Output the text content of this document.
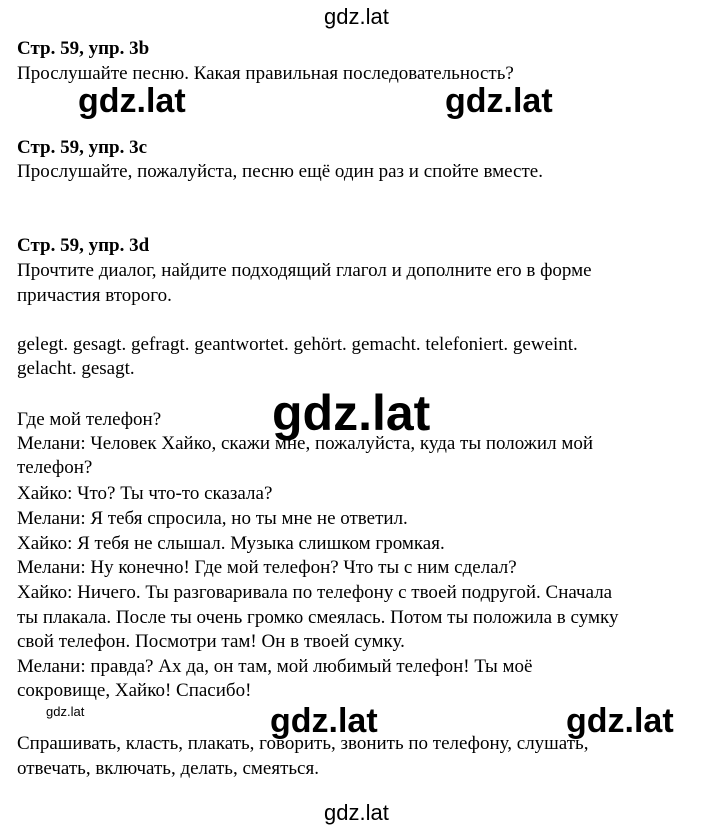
gdz.lat
Стр. 59, упр. 3b
Прослушайте песню. Какая правильная последовательность?
gdz.lat	gdz.lat
Стр. 59, упр. 3c
Прослушайте, пожалуйста, песню ещё один раз и спойте вместе.
Стр. 59, упр. 3d
Прочтите диалог, найдите подходящий глагол и дополните его в форме
причастия второго.
gelegt. gesagt. gefragt. geantwortet. gehört. gemacht. telefoniert. geweint.
gelacht. gesagt.
gdz.lat
Где мой телефон?
Мелани: Человек Хайко, скажи мне, пожалуйста, куда ты положил мой
телефон?
Хайко: Что? Ты что-то сказала?
Мелани: Я тебя спросила, но ты мне не ответил.
Хайко: Я тебя не слышал. Музыка слишком громкая.
Мелани: Ну конечно! Где мой телефон? Что ты с ним сделал?
Хайко: Ничего. Ты разговаривала по телефону с твоей подругой. Сначала
ты плакала. После ты очень громко смеялась. Потом ты положила в сумку
свой телефон. Посмотри там! Он в твоей сумку.
Мелани: правда? Ах да, он там, мой любимый телефон! Ты моё
сокровище, Хайко! Спасибо!
gdz.lat	gdz.lat	gdz.lat
Спрашивать, класть, плакать, говорить, звонить по телефону, слушать,
отвечать, включать, делать, смеяться.
gdz.lat
